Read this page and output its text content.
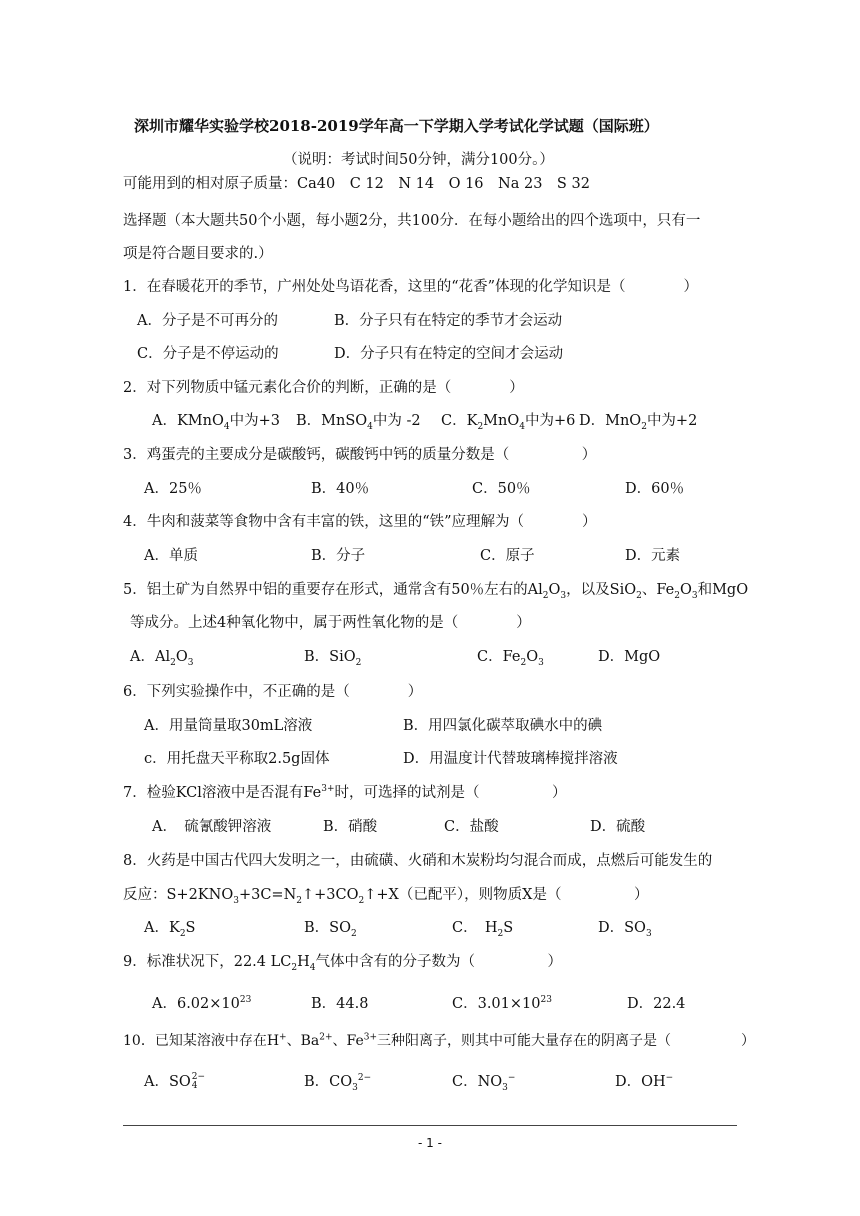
深圳市耀华实验学校2018-2019学年高一下学期入学考试化学试题（国际班）
（说明：考试时间50分钟，满分100分。）
可能用到的相对原子质量：Ca40　C 12　N 14　O 16　Na 23　S 32
选择题（本大题共50个小题，每小题2分，共100分．在每小题给出的四个选项中，只有一
项是符合题目要求的.）
1．在春暖花开的季节，广州处处鸟语花香，这里的“花香”体现的化学知识是（　　　　）
A．分子是不可再分的	B．分子只有在特定的季节才会运动
C．分子是不停运动的	D．分子只有在特定的空间才会运动
2．对下列物质中锰元素化合价的判断，正确的是（　　　　）
A．KMnO$_4$中为+3 B．MnSO$_4$中为 -2 C．$K_2MnO_4$中为+6 D．MnO$_2$中为+2
3．鸡蛋壳的主要成分是碳酸钙，碳酸钙中钙的质量分数是（　　　　　）
A．25％	B．40％	C．50％	D．60％
4．牛肉和菠菜等食物中含有丰富的铁，这里的“铁”应理解为（　　　　）
A．单质	B．分子	C．原子	D．元素
5．铝土矿为自然界中铝的重要存在形式，通常含有50％左右的$Al_2O_3$，以及SiO$_2$、$Fe_2O_3$和MgO
等成分。上述4种氧化物中，属于两性氧化物的是（　　　　）
A．$Al_2O_3$	B．SiO$_2$	C．$Fe_2O_3$	D．MgO
6．下列实验操作中，不正确的是（　　　　）
A．用量筒量取30mL溶液	B．用四氯化碳萃取碘水中的碘
c．用托盘天平称取2.5g固体	D．用温度计代替玻璃棒搅拌溶液
7．检验KCl溶液中是否混有$Fe^{3+}$时，可选择的试剂是（　　　　　）
A．　硫氰酸钾溶液	B．硝酸	C．盐酸	D．硫酸
8．火药是中国古代四大发明之一，由硫磺、火硝和木炭粉均匀混合而成，点燃后可能发生的
反应：$S+2KNO_3+3C=N_2↑+3CO_2↑+X$（已配平），则物质X是（　　　　　）
A．$K_2S$	B．$SO_2$	C．　$H_2S$	D．$SO_3$
9．标准状况下，22.4 $LC_2H_4$气体中含有的分子数为（　　　　　）
A．$6.02\times 10^{23}$	B．44.8	C．$3.01\times 10^{23}$	D．22.4
10．已知某溶液中存在H+、$Ba^{2+}$、$Fe^{3+}$三种阳离子，则其中可能大量存在的阴离子是（　　　　　）
A．SO 2−
4	B．$CO_3^{2-}$	C．$NO_3^-$	D．OH−
- 1 -
